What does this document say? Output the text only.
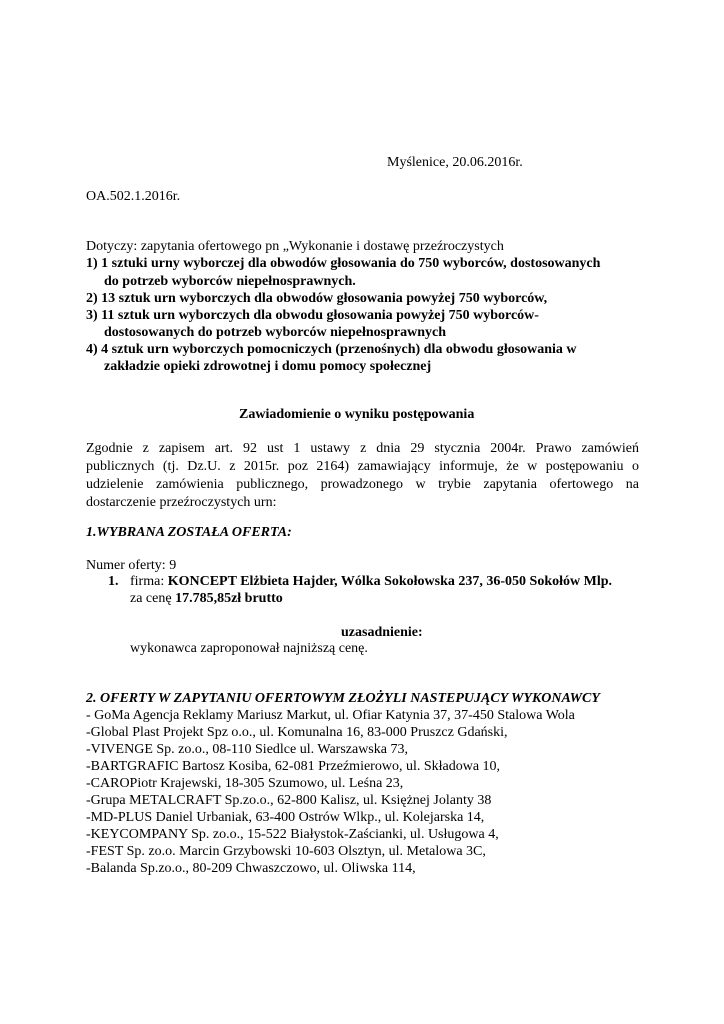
Myślenice, 20.06.2016r.
OA.502.1.2016r.
Dotyczy: zapytania ofertowego pn „Wykonanie i dostawę przeźroczystych
1) 1 sztuki urny wyborczej dla obwodów głosowania do 750 wyborców, dostosowanych
do potrzeb wyborców niepełnosprawnych.
2) 13 sztuk urn wyborczych dla obwodów głosowania powyżej 750 wyborców,
3) 11 sztuk urn wyborczych dla obwodu głosowania powyżej 750 wyborców-
dostosowanych do potrzeb wyborców niepełnosprawnych
4) 4 sztuk urn wyborczych pomocniczych (przenośnych) dla obwodu głosowania w
zakładzie opieki zdrowotnej i domu pomocy społecznej
Zawiadomienie o wyniku postępowania
Zgodnie z zapisem art. 92 ust 1 ustawy z dnia 29 stycznia 2004r. Prawo zamówień
publicznych (tj. Dz.U. z 2015r. poz 2164) zamawiający informuje, że w postępowaniu o
udzielenie zamówienia publicznego, prowadzonego w trybie zapytania ofertowego na
dostarczenie przeźroczystych urn:
1.WYBRANA ZOSTAŁA OFERTA:
Numer oferty: 9
1. firma: KONCEPT Elżbieta Hajder, Wólka Sokołowska 237, 36-050 Sokołów Mlp.
za cenę 17.785,85zł brutto
uzasadnienie:
wykonawca zaproponował najniższą cenę.
2. OFERTY W ZAPYTANIU OFERTOWYM ZŁOŻYLI NASTEPUJĄCY WYKONAWCY
- GoMa Agencja Reklamy Mariusz Markut, ul. Ofiar Katynia 37, 37-450 Stalowa Wola
-Global Plast Projekt Spz o.o., ul. Komunalna 16, 83-000 Pruszcz Gdański,
-VIVENGE Sp. zo.o., 08-110 Siedlce ul. Warszawska 73,
-BARTGRAFIC Bartosz Kosiba, 62-081 Przeźmierowo, ul. Składowa 10,
-CAROPiotr Krajewski, 18-305 Szumowo, ul. Leśna 23,
-Grupa METALCRAFT Sp.zo.o., 62-800 Kalisz, ul. Księżnej Jolanty 38
-MD-PLUS Daniel Urbaniak, 63-400 Ostrów Wlkp., ul. Kolejarska 14,
-KEYCOMPANY Sp. zo.o., 15-522 Białystok-Zaścianki, ul. Usługowa 4,
-FEST Sp. zo.o. Marcin Grzybowski 10-603 Olsztyn, ul. Metalowa 3C,
-Balanda Sp.zo.o., 80-209 Chwaszczowo, ul. Oliwska 114,
